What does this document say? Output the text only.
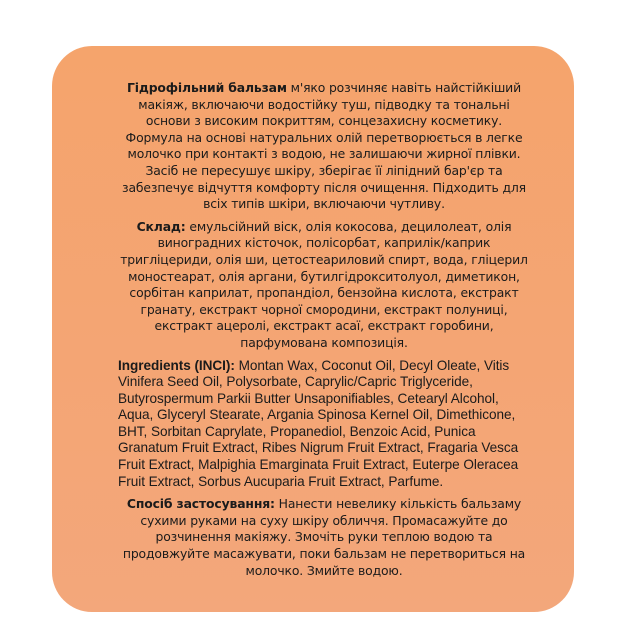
Гідрофільний бальзам м'яко розчиняє навіть найстійкіший макіяж, включаючи водостійку туш, підводку та тональні основи з високим покриттям, сонцезахисну косметику. Формула на основі натуральних олій перетворюється в легке молочко при контакті з водою, не залишаючи жирної плівки. Засіб не пересушує шкіру, зберігає її ліпідний бар'єр та забезпечує відчуття комфорту після очищення. Підходить для всіх типів шкіри, включаючи чутливу.

Склад: емульсійний віск, олія кокосова, децилолеат, олія виноградних кісточок, полісорбат, каприлік/каприк тригліцериди, олія ши, цетостеариловий спирт, вода, гліцерил моностеарат, олія аргани, бутилгідрокситолуол, диметикон, сорбітан каприлат, пропандіол, бензойна кислота, екстракт гранату, екстракт чорної смородини, екстракт полуниці, екстракт ацеролі, екстракт асаї, екстракт горобини, парфумована композиція.

Ingredients (INCI): Montan Wax, Coconut Oil, Decyl Oleate, Vitis Vinifera Seed Oil, Polysorbate, Caprylic/Capric Triglyceride, Butyrospermum Parkii Butter Unsaponifiables, Cetearyl Alcohol, Aqua, Glyceryl Stearate, Argania Spinosa Kernel Oil, Dimethicone, BHT, Sorbitan Caprylate, Propanediol, Benzoic Acid, Punica Granatum Fruit Extract, Ribes Nigrum Fruit Extract, Fragaria Vesca Fruit Extract, Malpighia Emarginata Fruit Extract, Euterpe Oleracea Fruit Extract, Sorbus Aucuparia Fruit Extract, Parfume.

Спосіб застосування: Нанести невелику кількість бальзаму сухими руками на суху шкіру обличчя. Промасажуйте до розчинення макіяжу. Змочіть руки теплою водою та продовжуйте масажувати, поки бальзам не перетвориться на молочко. Змийте водою.
